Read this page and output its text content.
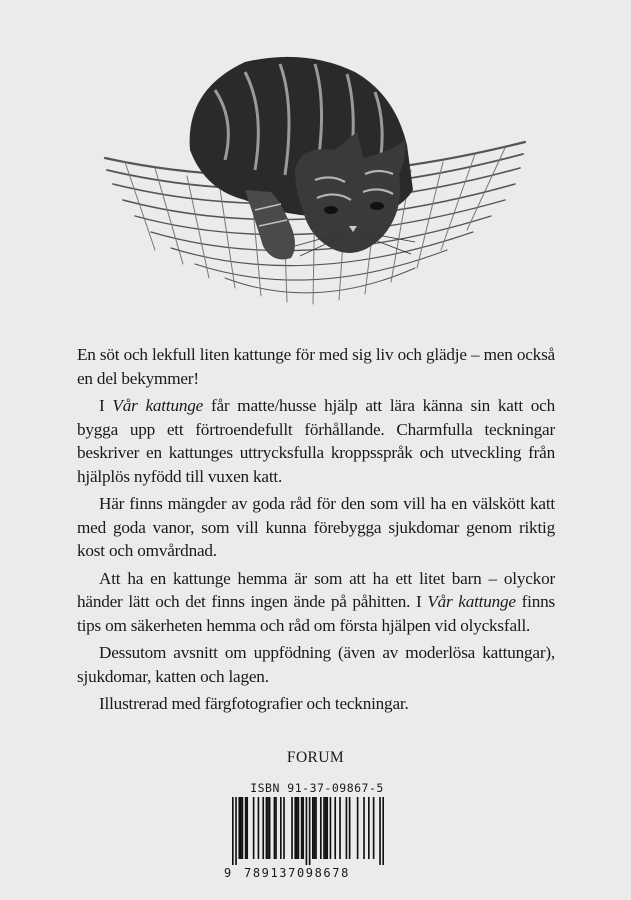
En söt och lekfull liten kattunge för med sig liv och glädje – men också en del bekymmer!

I Vår kattunge får matte/husse hjälp att lära känna sin katt och bygga upp ett förtroendefullt förhållande. Charmfulla teckningar beskriver en kattunges uttrycksfulla kroppsspråk och utveckling från hjälplös nyfödd till vuxen katt.

Här finns mängder av goda råd för den som vill ha en välskött katt med goda vanor, som vill kunna förebygga sjukdomar genom riktig kost och omvårdnad.

Att ha en kattunge hemma är som att ha ett litet barn – olyckor händer lätt och det finns ingen ände på påhitten. I Vår kattunge finns tips om säkerheten hemma och råd om första hjälpen vid olycksfall.

Dessutom avsnitt om uppfödning (även av moderlösa kattungar), sjukdomar, katten och lagen.

Illustrerad med färgfotografier och teckningar.

FORUM
ISBN 91-37-09867-5
9 789137098678
